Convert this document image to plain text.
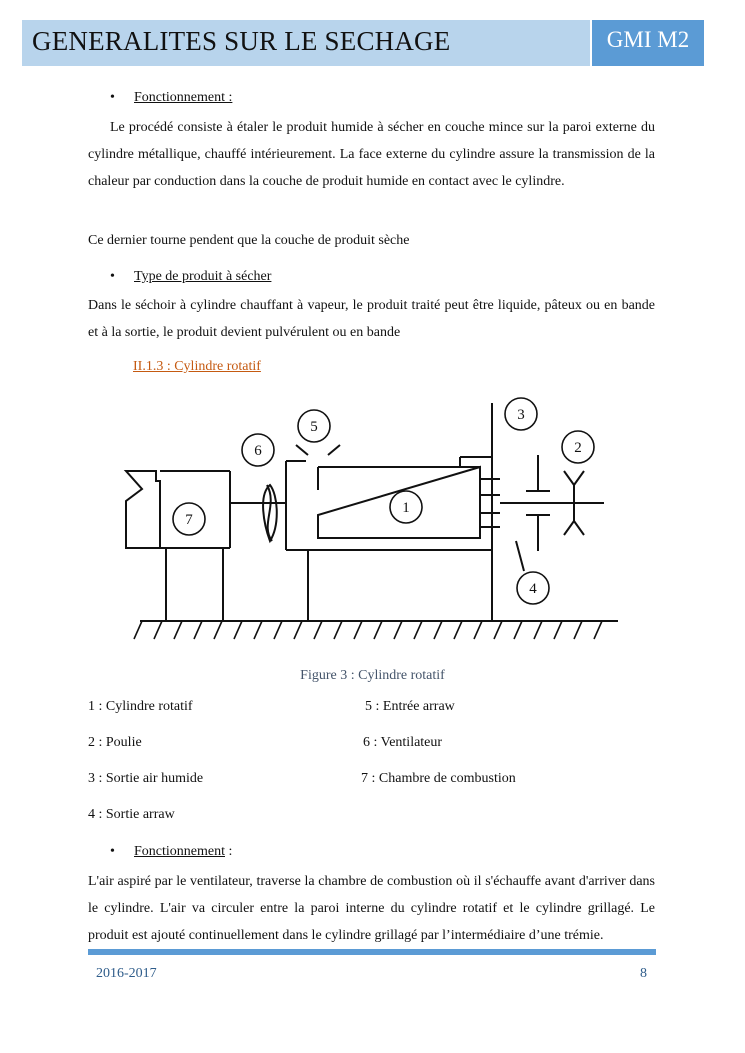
GENERALITES SUR LE SECHAGE	GMI M2
• Fonctionnement :
Le procédé consiste à étaler le produit humide à sécher en couche mince sur la paroi externe du cylindre métallique, chauffé intérieurement. La face externe du cylindre assure la transmission de la chaleur par conduction dans la couche de produit humide en contact avec le cylindre.
Ce dernier tourne pendent que la couche de produit sèche
• Type de produit à sécher
Dans le séchoir à cylindre chauffant à vapeur, le produit traité peut être liquide, pâteux ou en bande et à la sortie, le produit devient pulvérulent ou en bande
II.1.3 : Cylindre rotatif
1
2
3
4
5
6
7
Figure 3 : Cylindre rotatif
1 : Cylindre rotatif	5 : Entrée arraw
2 : Poulie	6 : Ventilateur
3 : Sortie air humide	7 : Chambre de combustion
4 : Sortie arraw
• Fonctionnement :
L'air aspiré par le ventilateur, traverse la chambre de combustion où il s'échauffe avant d'arriver dans le cylindre. L'air va circuler entre la paroi interne du cylindre rotatif et le cylindre grillagé. Le produit est ajouté continuellement dans le cylindre grillagé par l’intermédiaire d’une trémie.
2016-2017	8
